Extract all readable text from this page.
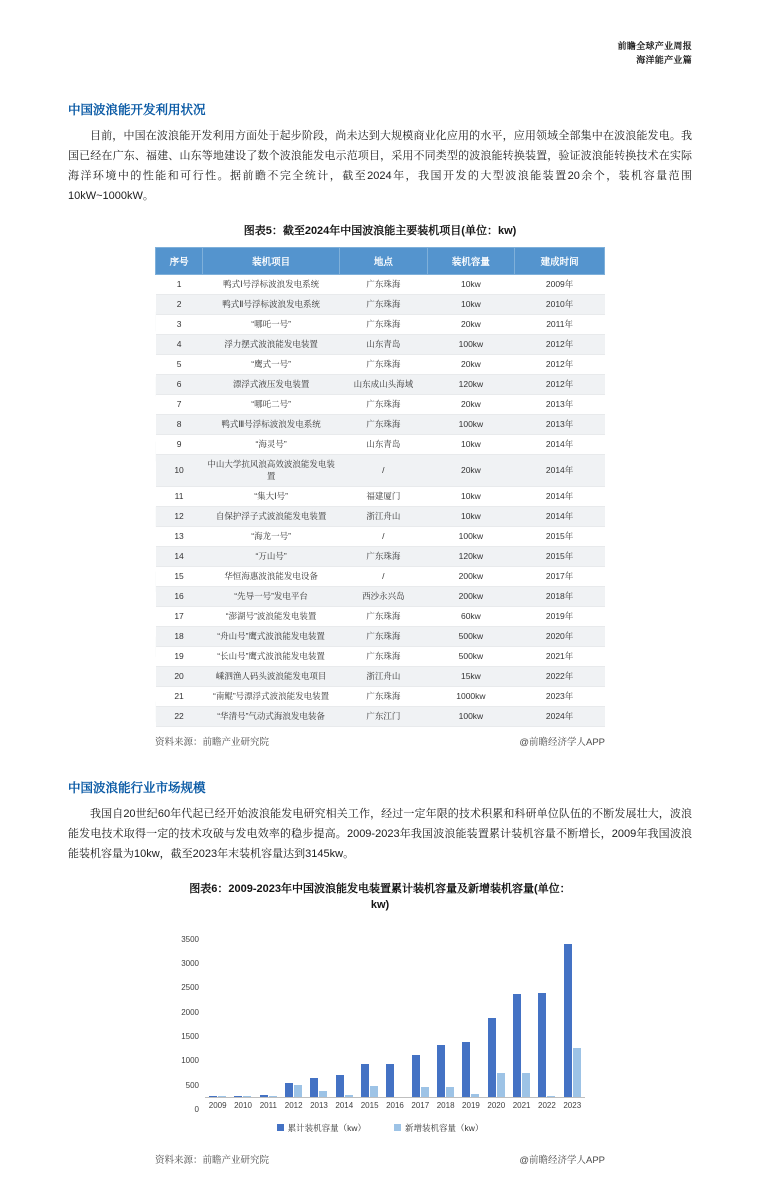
前瞻全球产业周报
海洋能产业篇
中国波浪能开发利用状况

目前，中国在波浪能开发利用方面处于起步阶段，尚未达到大规模商业化应用的水平，应用领域全部集中在波浪能发电。我国已经在广东、福建、山东等地建设了数个波浪能发电示范项目，采用不同类型的波浪能转换装置，验证波浪能转换技术在实际海洋环境中的性能和可行性。据前瞻不完全统计，截至2024年，我国开发的大型波浪能装置20余个，装机容量范围10kW~1000kW。

图表5：截至2024年中国波浪能主要装机项目(单位：kw)
序号	装机项目	地点	装机容量	建成时间
1	鸭式Ⅰ号浮标波浪发电系统	广东珠海	10kw	2009年
2	鸭式Ⅱ号浮标波浪发电系统	广东珠海	10kw	2010年
3	“哪吒一号”	广东珠海	20kw	2011年
4	浮力摆式波浪能发电装置	山东青岛	100kw	2012年
5	“鹰式一号”	广东珠海	20kw	2012年
6	漂浮式液压发电装置	山东成山头海域	120kw	2012年
7	“哪吒二号”	广东珠海	20kw	2013年
8	鸭式Ⅲ号浮标波浪发电系统	广东珠海	100kw	2013年
9	“海灵号”	山东青岛	10kw	2014年
10	中山大学抗风浪高效波浪能发电装置	/	20kw	2014年
11	“集大Ⅰ号”	福建厦门	10kw	2014年
12	自保护浮子式波浪能发电装置	浙江舟山	10kw	2014年
13	“海龙一号”	/	100kw	2015年
14	“万山号”	广东珠海	120kw	2015年
15	华恒海惠波浪能发电设备	/	200kw	2017年
16	“先导一号”发电平台	西沙永兴岛	200kw	2018年
17	“澎湖号”波浪能发电装置	广东珠海	60kw	2019年
18	“舟山号”鹰式波浪能发电装置	广东珠海	500kw	2020年
19	“长山号”鹰式波浪能发电装置	广东珠海	500kw	2021年
20	嵊泗渔人码头波浪能发电项目	浙江舟山	15kw	2022年
21	“南鲲”号漂浮式波浪能发电装置	广东珠海	1000kw	2023年
22	“华清号”气动式海浪发电装备	广东江门	100kw	2024年
资料来源：前瞻产业研究院	@前瞻经济学人APP
中国波浪能行业市场规模

我国自20世纪60年代起已经开始波浪能发电研究相关工作，经过一定年限的技术积累和科研单位队伍的不断发展壮大，波浪能发电技术取得一定的技术攻破与发电效率的稳步提高。2009-2023年我国波浪能装置累计装机容量不断增长，2009年我国波浪能装机容量为10kw，截至2023年末装机容量达到3145kw。

图表6：2009-2023年中国波浪能发电装置累计装机容量及新增装机容量(单位：kw)
0
500
1000
1500
2000
2500
3000
3500
2009 2010 2011 2012 2013 2014 2015 2016 2017 2018 2019 2020 2021 2022 2023
累计装机容量（kw）	新增装机容量（kw）
资料来源：前瞻产业研究院	@前瞻经济学人APP
